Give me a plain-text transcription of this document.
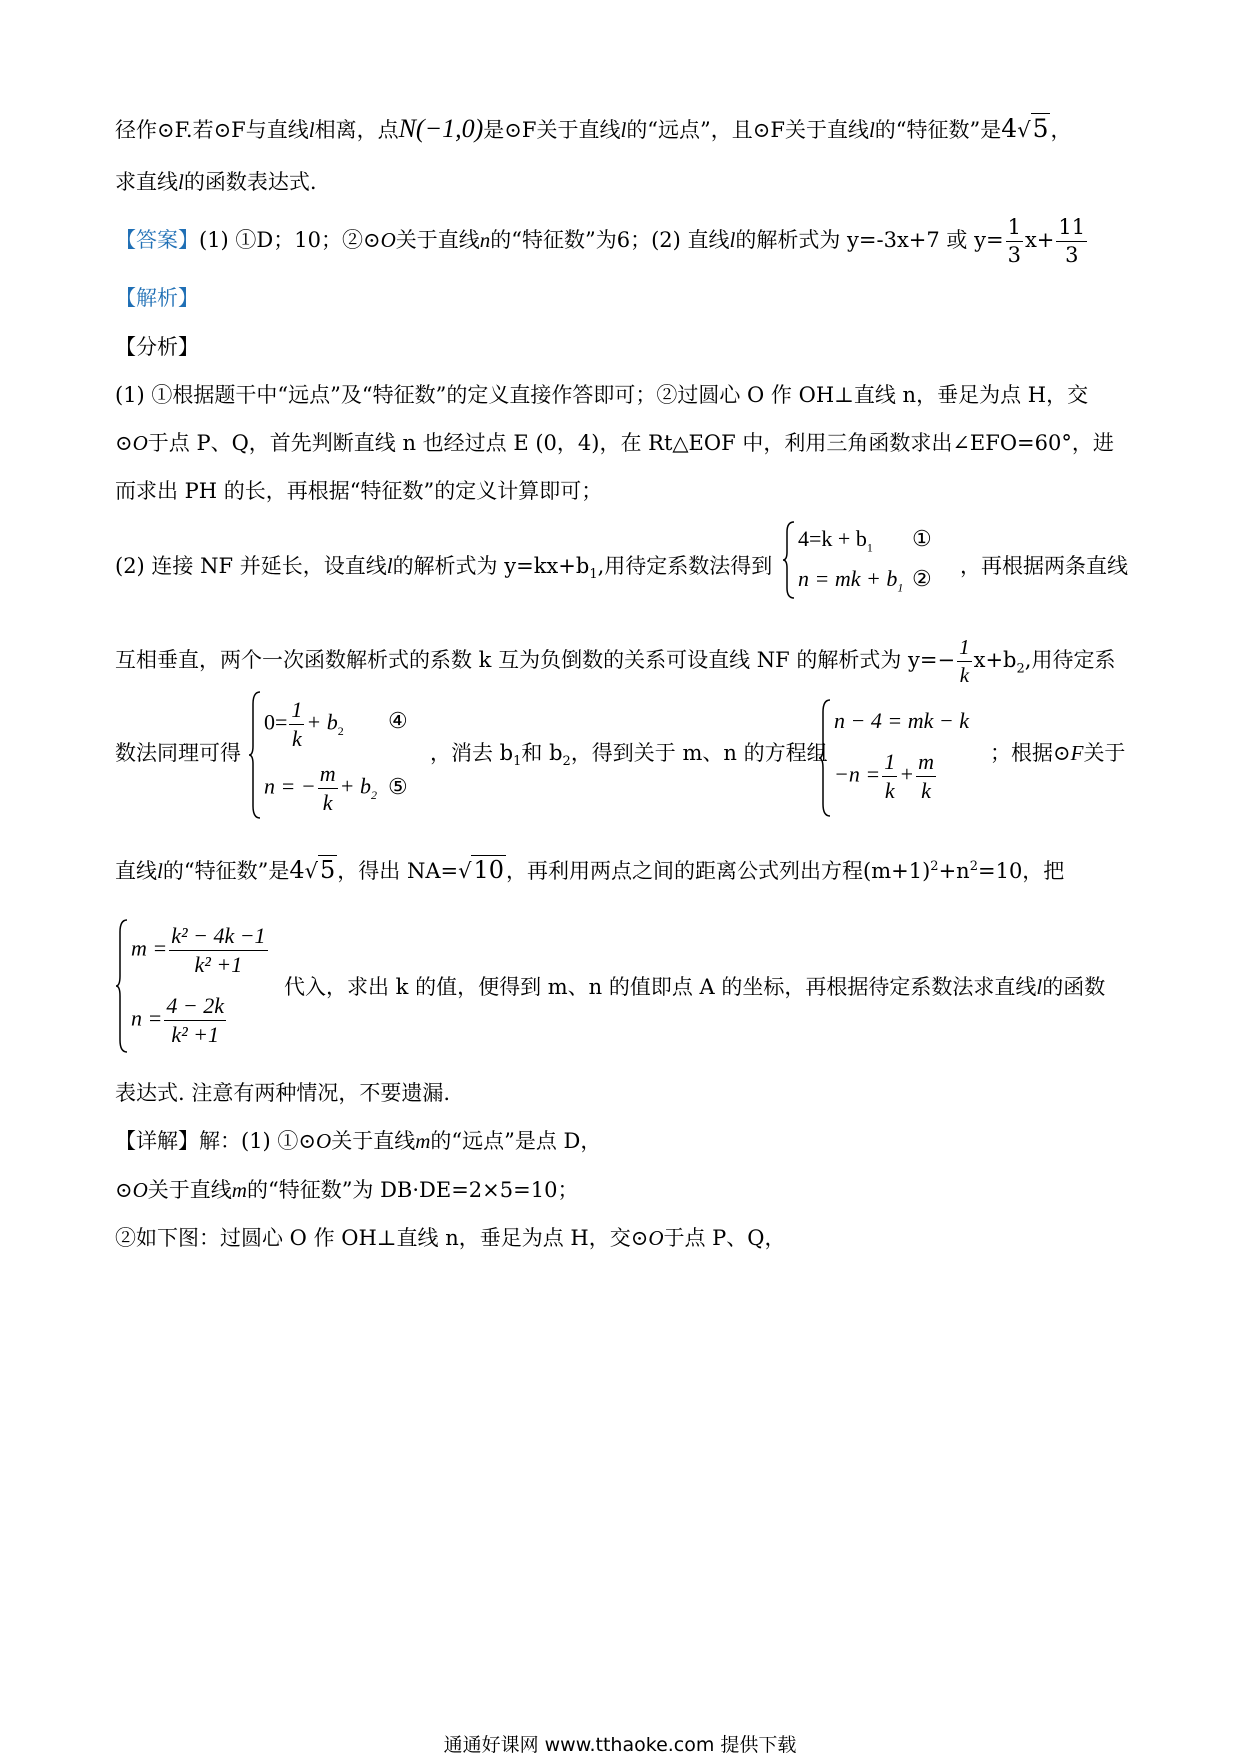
径作⊙F.若⊙F与直线l相离，点N(−1,0)是⊙F关于直线l的“远点”，且⊙F关于直线l的“特征数”是4√5，
求直线l的函数表达式.
【答案】(1) ①D；10；②⊙O关于直线n的“特征数”为6；(2) 直线l的解析式为 y=-3x+7 或 $y= \frac{1}{3} x+ \frac{11}{3}$
【解析】
【分析】
(1) ①根据题干中“远点”及“特征数”的定义直接作答即可；②过圆心 O 作 OH⊥直线 n，垂足为点 H，交
⊙O于点 P、Q，首先判断直线 n 也经过点 E (0，4)，在 Rt△EOF 中，利用三角函数求出∠EFO=60°，进
而求出 PH 的长，再根据“特征数”的定义计算即可；
(2) 连接 NF 并延长，设直线l的解析式为 $y=kx+b_1$,用待定系数法得到
$4=k + b_1$ ①
n = mk + $b_1$ ② ，再根据两条直线
互相垂直，两个一次函数解析式的系数 k 互为负倒数的关系可设直线 NF 的解析式为 $y=- \frac{1}{k} x+b_2$,用待定系
数法同理可得
$0= \frac{1}{k} + b_2$ ④
n = − $\frac{m}{k} + b_2$ ⑤
，消去 $b_1$和 $b_2$，得到关于 m、n 的方程组
n − 4 = mk − k
$-n = \frac{1}{k} + \frac{m}{k}$	；根据⊙F关于
直线l的“特征数”是4√5，得出 NA=√10，再利用两点之间的距离公式列出方程$(m+1)^2+n^2=10$，把
$m = \frac{\text{k² − 4k −1}}{\text{k² +1}}$
$n = \frac{4 - 2k}{\text{k² +1}}$
代入，求出 k 的值，便得到 m、n 的值即点 A 的坐标，再根据待定系数法求直线l的函数
表达式. 注意有两种情况，不要遗漏.
【详解】解：(1) ①⊙O关于直线m的“远点”是点 D，
⊙O关于直线m的“特征数”为 DB·DE=2×5=10；
②如下图：过圆心 O 作 OH⊥直线 n，垂足为点 H，交⊙O于点 P、Q，
通通好课网 www.tthaoke.com 提供下载
